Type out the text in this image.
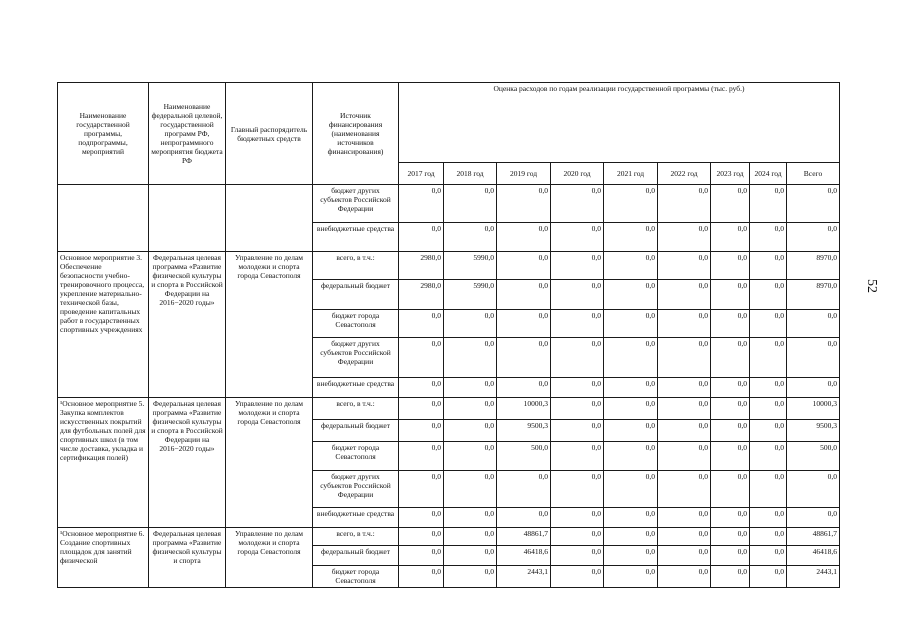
52
Наименование государственной программы, подпрограммы, мероприятий	Наименование федеральной целевой, государственной программ РФ, непрограммного мероприятия бюджета РФ	Главный распорядитель бюджетных средств	Источник финансирования (наименования источников финансирования)	Оценка расходов по годам реализации государственной программы (тыс. руб.)								
				2017 год	2018 год	2019 год	2020 год	2021 год	2022 год	2023 год	2024 год	Всего
			бюджет других субъектов Российской Федерации	0,0	0,0	0,0	0,0	0,0	0,0	0,0	0,0	0,0
			внебюджетные средства	0,0	0,0	0,0	0,0	0,0	0,0	0,0	0,0	0,0
Основное мероприятие 3. Обеспечение безопасности учебно-тренировочного процесса, укрепление материально-технической базы, проведение капитальных работ в государственных спортивных учреждениях	Федеральная целевая программа «Развитие физической культуры и спорта в Российской Федерации на 2016−2020 годы»	Управление по делам молодежи и спорта города Севастополя	всего, в т.ч.:	2980,0	5990,0	0,0	0,0	0,0	0,0	0,0	0,0	8970,0
			федеральный бюджет	2980,0	5990,0	0,0	0,0	0,0	0,0	0,0	0,0	8970,0
			бюджет города Севастополя	0,0	0,0	0,0	0,0	0,0	0,0	0,0	0,0	0,0
			бюджет других субъектов Российской Федерации	0,0	0,0	0,0	0,0	0,0	0,0	0,0	0,0	0,0
			внебюджетные средства	0,0	0,0	0,0	0,0	0,0	0,0	0,0	0,0	0,0
¹Основное мероприятие 5. Закупка комплектов искусственных покрытий для футбольных полей для спортивных школ (в том числе доставка, укладка и сертификация полей)	Федеральная целевая программа «Развитие физической культуры и спорта в Российской Федерации на 2016−2020 годы»	Управление по делам молодежи и спорта города Севастополя	всего, в т.ч.:	0,0	0,0	10000,3	0,0	0,0	0,0	0,0	0,0	10000,3
			федеральный бюджет	0,0	0,0	9500,3	0,0	0,0	0,0	0,0	0,0	9500,3
			бюджет города Севастополя	0,0	0,0	500,0	0,0	0,0	0,0	0,0	0,0	500,0
			бюджет других субъектов Российской Федерации	0,0	0,0	0,0	0,0	0,0	0,0	0,0	0,0	0,0
			внебюджетные средства	0,0	0,0	0,0	0,0	0,0	0,0	0,0	0,0	0,0
¹Основное мероприятие 6. Создание спортивных площадок для занятий физической	Федеральная целевая программа «Развитие физической культуры и спорта	Управление по делам молодежи и спорта города Севастополя	всего, в т.ч.:	0,0	0,0	48861,7	0,0	0,0	0,0	0,0	0,0	48861,7
			федеральный бюджет	0,0	0,0	46418,6	0,0	0,0	0,0	0,0	0,0	46418,6
			бюджет города Севастополя	0,0	0,0	2443,1	0,0	0,0	0,0	0,0	0,0	2443,1
